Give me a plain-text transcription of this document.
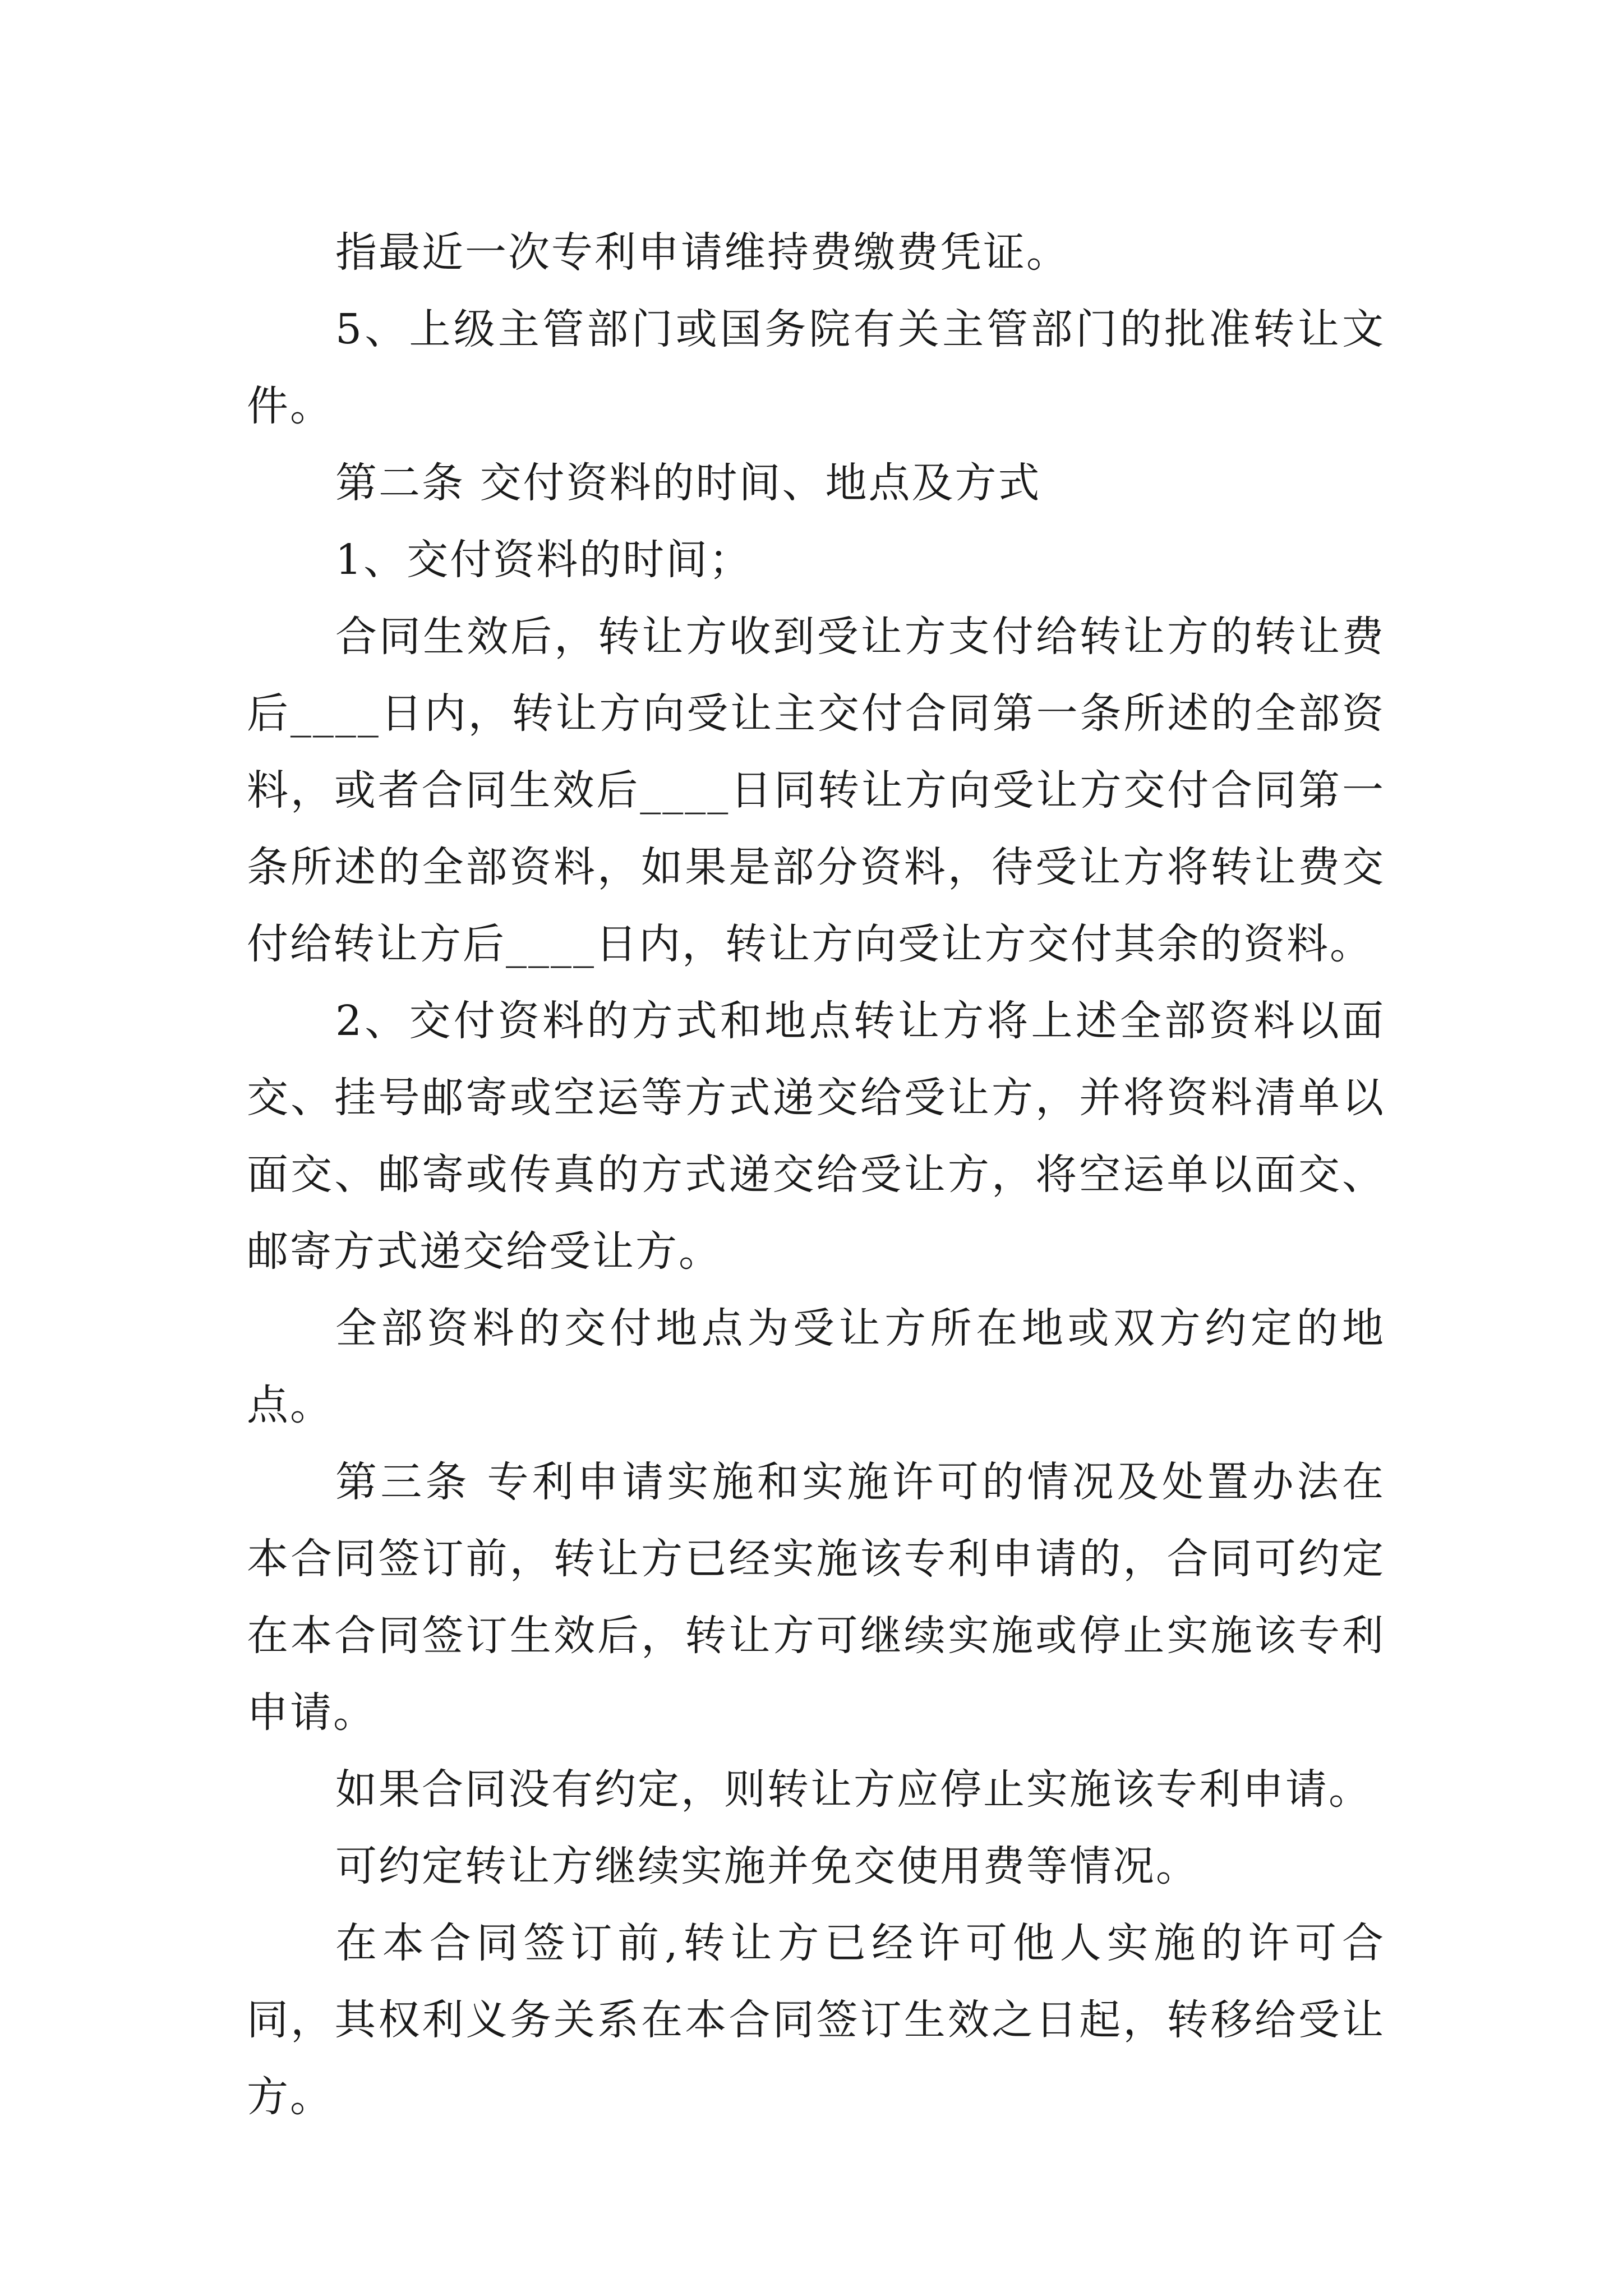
指最近一次专利申请维持费缴费凭证。

5、上级主管部门或国务院有关主管部门的批准转让文件。

第二条 交付资料的时间、地点及方式

1、交付资料的时间；

合同生效后，转让方收到受让方支付给转让方的转让费后____日内，转让方向受让主交付合同第一条所述的全部资料，或者合同生效后____日同转让方向受让方交付合同第一条所述的全部资料，如果是部分资料，待受让方将转让费交付给转让方后____日内，转让方向受让方交付其余的资料。

2、交付资料的方式和地点转让方将上述全部资料以面交、挂号邮寄或空运等方式递交给受让方，并将资料清单以面交、邮寄或传真的方式递交给受让方，将空运单以面交、邮寄方式递交给受让方。

全部资料的交付地点为受让方所在地或双方约定的地点。

第三条 专利申请实施和实施许可的情况及处置办法在本合同签订前，转让方已经实施该专利申请的，合同可约定在本合同签订生效后，转让方可继续实施或停止实施该专利申请。

如果合同没有约定，则转让方应停止实施该专利申请。

可约定转让方继续实施并免交使用费等情况。

在本合同签订前,转让方已经许可他人实施的许可合同，其权利义务关系在本合同签订生效之日起，转移给受让方。
